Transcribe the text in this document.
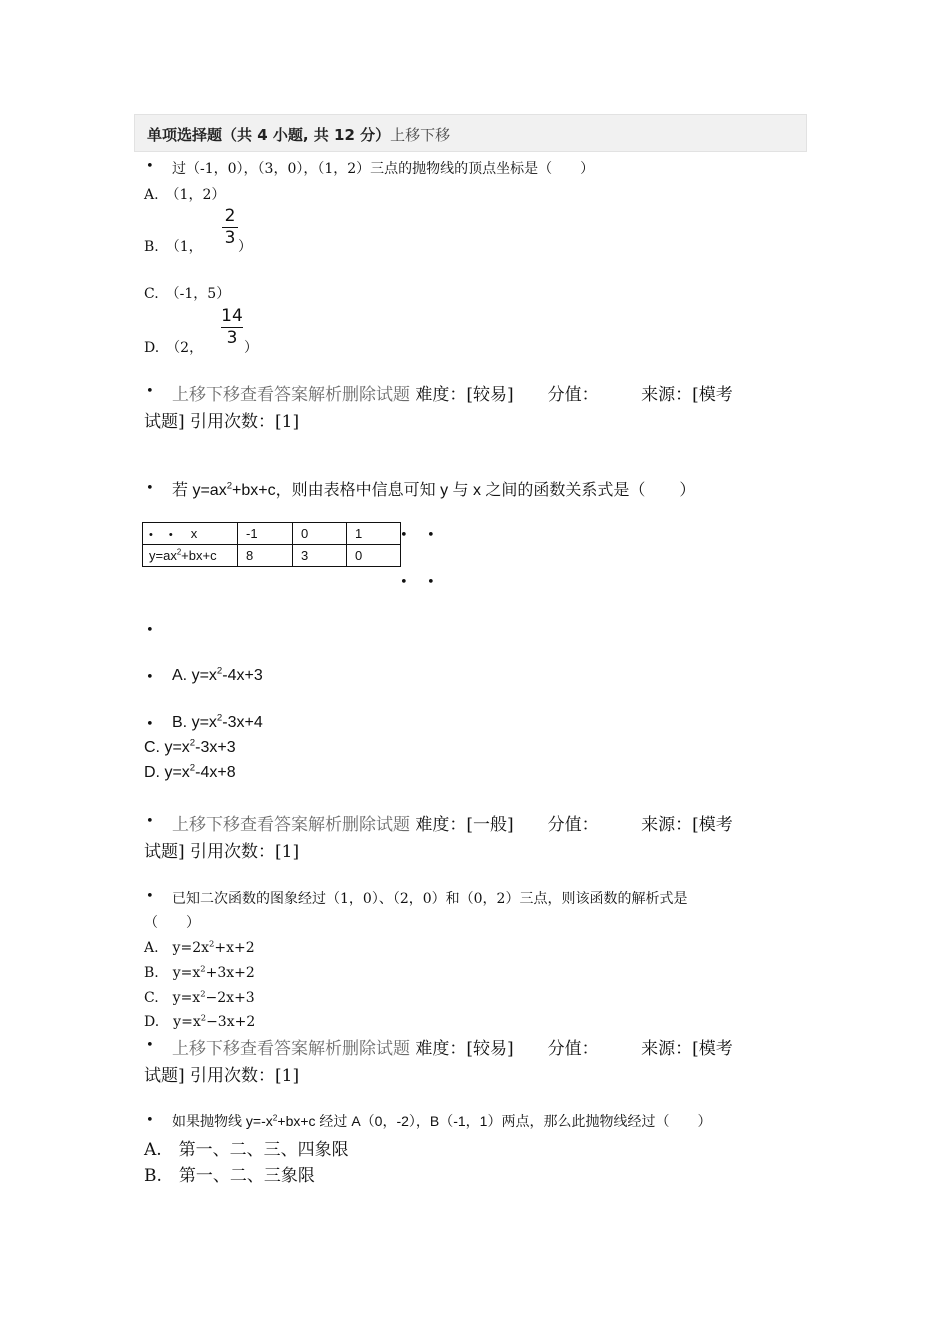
单项选择题（共 4 小题, 共 12 分）上移下移
• 过（-1，0），（3，0），（1，2）三点的抛物线的顶点坐标是（　　）
A.　（1，2）
B.　（1，
2
3 ）
C.　（-1，5）
D.　（2，
14
3 ）
• 上移下移查看答案解析删除试题 难度：[较易]　　分值：　　　来源：[模考
试题] 引用次数：[1]
• 若 $y=ax^2+bx+c$，则由表格中信息可知 y 与 x 之间的函数关系式是（ ）
• • x	-1	0	1
$y=ax^2+bx+c$	8	3	0
• •
• •
•
• A. $y=x^2-4x+3$
• B. $y=x^2-3x+4$
C. $y=x^2-3x+3$
D. $y=x^2-4x+8$
• 上移下移查看答案解析删除试题 难度：[一般]　　分值：　　　来源：[模考
试题] 引用次数：[1]
• 已知二次函数的图象经过（1，0）、（2，0）和（0，2）三点，则该函数的解析式是
（　　）
A.　$y=2x^2+x+2$
B.　$y=x^2+3x+2$
C.　$y=x^2-2x+3$
D.　$y=x^2-3x+2$
• 上移下移查看答案解析删除试题 难度：[较易]　　分值：　　　来源：[模考
试题] 引用次数：[1]
• 如果抛物线 $y=-x^2+bx+c$ 经过 A（0，-2），B（-1，1）两点，那么此抛物线经过（　　）
A.　第一、二、三、四象限
B.　第一、二、三象限
